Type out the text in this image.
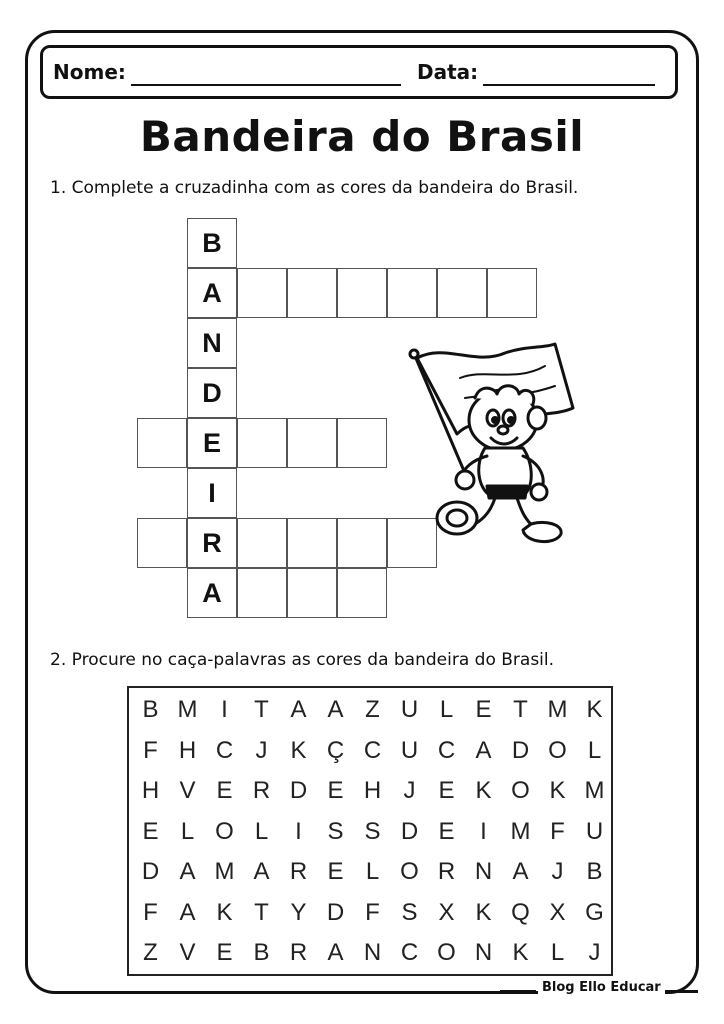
Nome:	Data:
Bandeira do Brasil
1. Complete a cruzadinha com as cores da bandeira do Brasil.
B
A
N
D
E
I
R
A
2. Procure no caça-palavras as cores da bandeira do Brasil.
B M I	T A A Z U L E T M K
F H C J K Ç C U C A D O L
H V E R D E H J E K O K M
E L O L	I	S S D E	I M F U
D A M A R E L O R N A J B
F A K T Y D F S X K Q X G
Z V E B R A N C O N K L	J
Blog Ello Educar
